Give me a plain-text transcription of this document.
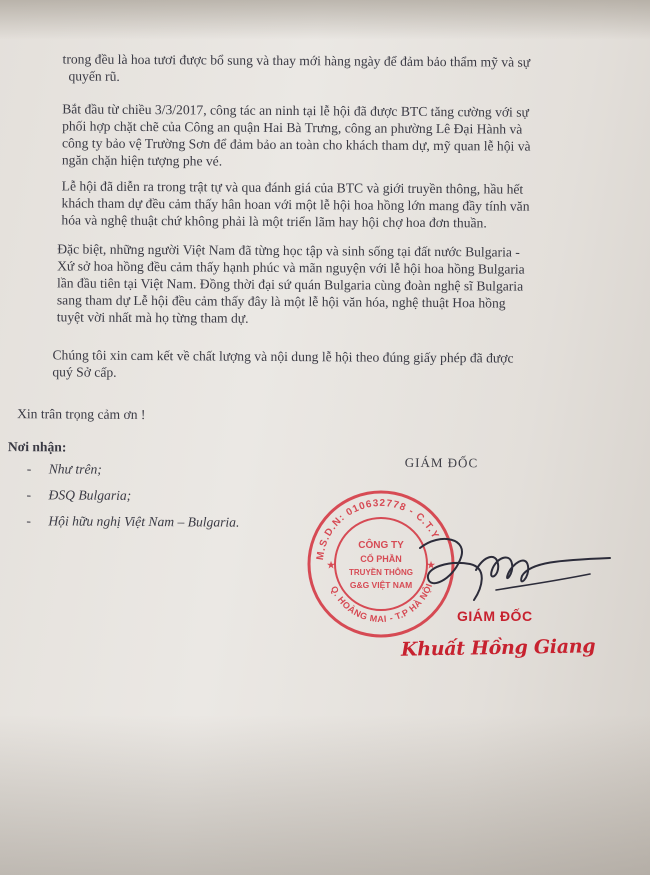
trong đều là hoa tươi được bổ sung và thay mới hàng ngày để đảm bảo thẩm mỹ và sự
quyến rũ.
Bắt đầu từ chiều 3/3/2017, công tác an ninh tại lễ hội đã được BTC tăng cường với sự
phối hợp chặt chẽ của Công an quận Hai Bà Trưng, công an phường Lê Đại Hành và
công ty bảo vệ Trường Sơn để đảm bảo an toàn cho khách tham dự, mỹ quan lễ hội và
ngăn chặn hiện tượng phe vé.
Lễ hội đã diễn ra trong trật tự và qua đánh giá của BTC và giới truyền thông, hầu hết
khách tham dự đều cảm thấy hân hoan với một lễ hội hoa hồng lớn mang đầy tính văn
hóa và nghệ thuật chứ không phải là một triển lãm hay hội chợ hoa đơn thuần.
Đặc biệt, những người Việt Nam đã từng học tập và sinh sống tại đất nước Bulgaria -
Xứ sở hoa hồng đều cảm thấy hạnh phúc và mãn nguyện với lễ hội hoa hồng Bulgaria
lần đầu tiên tại Việt Nam. Đồng thời đại sứ quán Bulgaria cùng đoàn nghệ sĩ Bulgaria
sang tham dự Lễ hội đều cảm thấy đây là một lễ hội văn hóa, nghệ thuật Hoa hồng
tuyệt vời nhất mà họ từng tham dự.
Chúng tôi xin cam kết về chất lượng và nội dung lễ hội theo đúng giấy phép đã được
quý Sở cấp.
Xin trân trọng cảm ơn !
Nơi nhận:
- Như trên;
- ĐSQ Bulgaria;
- Hội hữu nghị Việt Nam – Bulgaria.
GIÁM ĐỐC
M.S.D.N: 010632778 - C.T.Y
Q. HOÀNG MAI - T.P HÀ NỘI
CÔNG TY
CỔ PHẦN
TRUYỀN THÔNG
G&G VIỆT NAM
★	★
GIÁM ĐỐC
Khuất Hồng Giang
